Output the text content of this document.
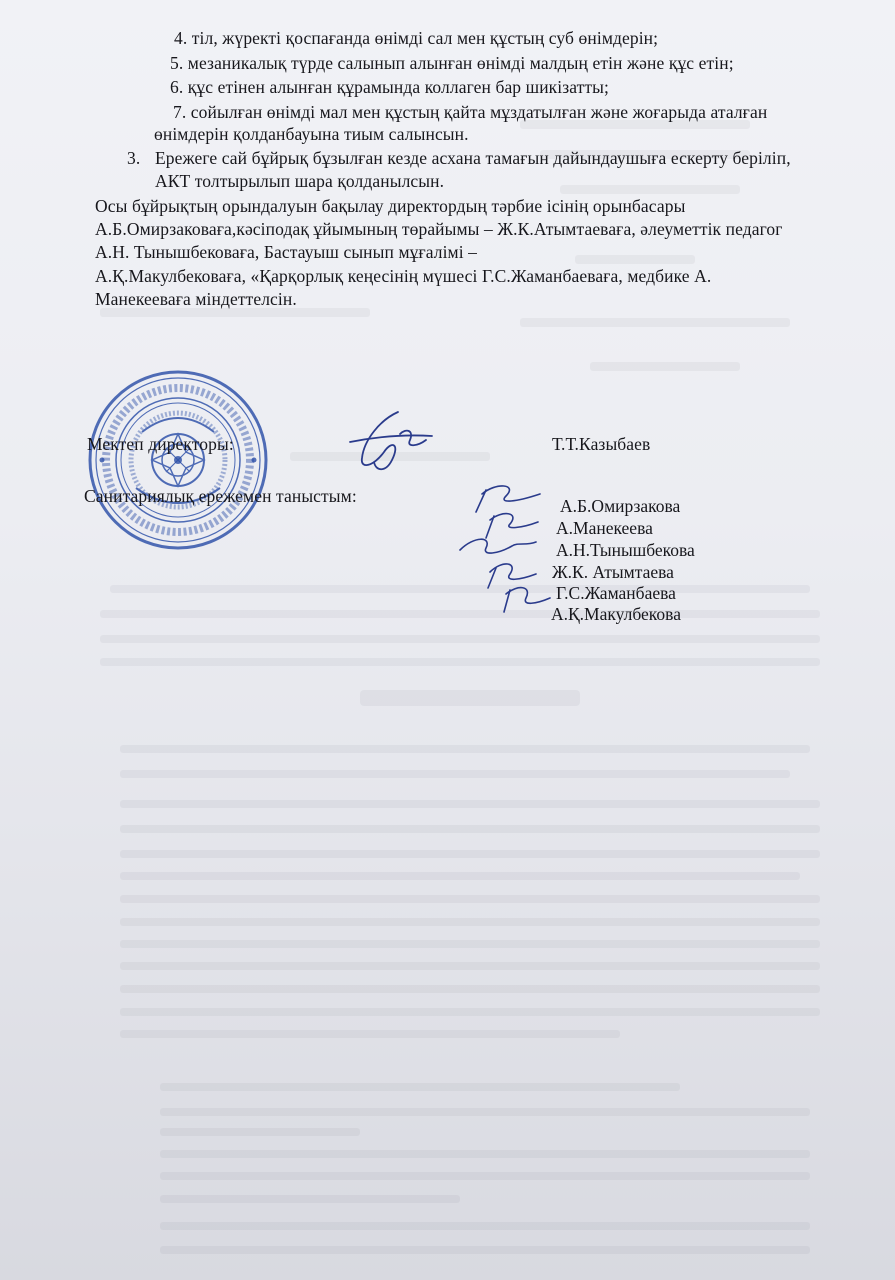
4. тіл, жүректі қоспағанда өнімді сал мен құстың суб өнімдерін;
5. мезаникалық түрде салынып алынған өнімді малдың етін және құс етін;
6. құс етінен алынған құрамында коллаген бар шикізатты;
7. сойылған өнімді мал мен құстың қайта мұздатылған және жоғарыда аталған
өнімдерін қолданбауына тиым салынсын.
3. Ережеге сай бұйрық бұзылған кезде асхана тамағын дайындаушыға ескерту беріліп,
АКТ толтырылып шара қолданылсын.
Осы бұйрықтың орындалуын бақылау директордың тәрбие ісінің орынбасары
А.Б.Омирзаковаға,кәсіподақ ұйымының төрайымы – Ж.К.Атымтаеваға, әлеуметтік педагог
А.Н. Тынышбековаға, Бастауыш сынып мұғалімі –
А.Қ.Макулбековаға, «Қарқорлық кеңесінің мүшесі Г.С.Жаманбаеваға, медбике А.
Манекееваға міндеттелсін.
Мектеп директоры:	Т.Т.Казыбаев
Санитариялық ережемен таныстым:	А.Б.Омирзакова
А.Манекеева
А.Н.Тынышбекова
Ж.К. Атымтаева
Г.С.Жаманбаева
А.Қ.Макулбекова
